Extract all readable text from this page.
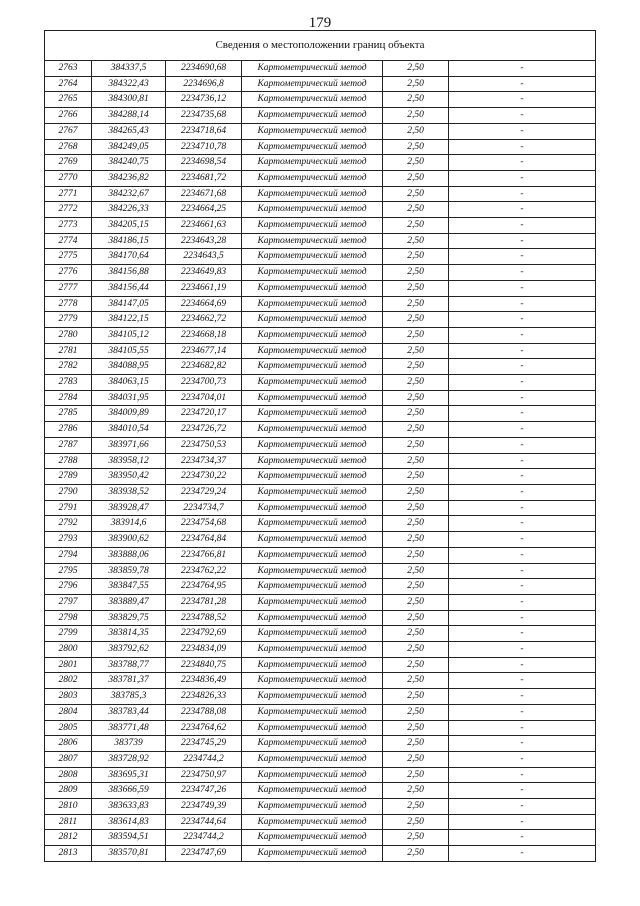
179
Сведения о местоположении границ объекта					
2763	384337,5	2234690,68	Картометрический метод	2,50	-
2764	384322,43	2234696,8	Картометрический метод	2,50	-
2765	384300,81	2234736,12	Картометрический метод	2,50	-
2766	384288,14	2234735,68	Картометрический метод	2,50	-
2767	384265,43	2234718,64	Картометрический метод	2,50	-
2768	384249,05	2234710,78	Картометрический метод	2,50	-
2769	384240,75	2234698,54	Картометрический метод	2,50	-
2770	384236,82	2234681,72	Картометрический метод	2,50	-
2771	384232,67	2234671,68	Картометрический метод	2,50	-
2772	384226,33	2234664,25	Картометрический метод	2,50	-
2773	384205,15	2234661,63	Картометрический метод	2,50	-
2774	384186,15	2234643,28	Картометрический метод	2,50	-
2775	384170,64	2234643,5	Картометрический метод	2,50	-
2776	384156,88	2234649,83	Картометрический метод	2,50	-
2777	384156,44	2234661,19	Картометрический метод	2,50	-
2778	384147,05	2234664,69	Картометрический метод	2,50	-
2779	384122,15	2234662,72	Картометрический метод	2,50	-
2780	384105,12	2234668,18	Картометрический метод	2,50	-
2781	384105,55	2234677,14	Картометрический метод	2,50	-
2782	384088,95	2234682,82	Картометрический метод	2,50	-
2783	384063,15	2234700,73	Картометрический метод	2,50	-
2784	384031,95	2234704,01	Картометрический метод	2,50	-
2785	384009,89	2234720,17	Картометрический метод	2,50	-
2786	384010,54	2234726,72	Картометрический метод	2,50	-
2787	383971,66	2234750,53	Картометрический метод	2,50	-
2788	383958,12	2234734,37	Картометрический метод	2,50	-
2789	383950,42	2234730,22	Картометрический метод	2,50	-
2790	383938,52	2234729,24	Картометрический метод	2,50	-
2791	383928,47	2234734,7	Картометрический метод	2,50	-
2792	383914,6	2234754,68	Картометрический метод	2,50	-
2793	383900,62	2234764,84	Картометрический метод	2,50	-
2794	383888,06	2234766,81	Картометрический метод	2,50	-
2795	383859,78	2234762,22	Картометрический метод	2,50	-
2796	383847,55	2234764,95	Картометрический метод	2,50	-
2797	383889,47	2234781,28	Картометрический метод	2,50	-
2798	383829,75	2234788,52	Картометрический метод	2,50	-
2799	383814,35	2234792,69	Картометрический метод	2,50	-
2800	383792,62	2234834,09	Картометрический метод	2,50	-
2801	383788,77	2234840,75	Картометрический метод	2,50	-
2802	383781,37	2234836,49	Картометрический метод	2,50	-
2803	383785,3	2234826,33	Картометрический метод	2,50	-
2804	383783,44	2234788,08	Картометрический метод	2,50	-
2805	383771,48	2234764,62	Картометрический метод	2,50	-
2806	383739	2234745,29	Картометрический метод	2,50	-
2807	383728,92	2234744,2	Картометрический метод	2,50	-
2808	383695,31	2234750,97	Картометрический метод	2,50	-
2809	383666,59	2234747,26	Картометрический метод	2,50	-
2810	383633,83	2234749,39	Картометрический метод	2,50	-
2811	383614,83	2234744,64	Картометрический метод	2,50	-
2812	383594,51	2234744,2	Картометрический метод	2,50	-
2813	383570,81	2234747,69	Картометрический метод	2,50	-
